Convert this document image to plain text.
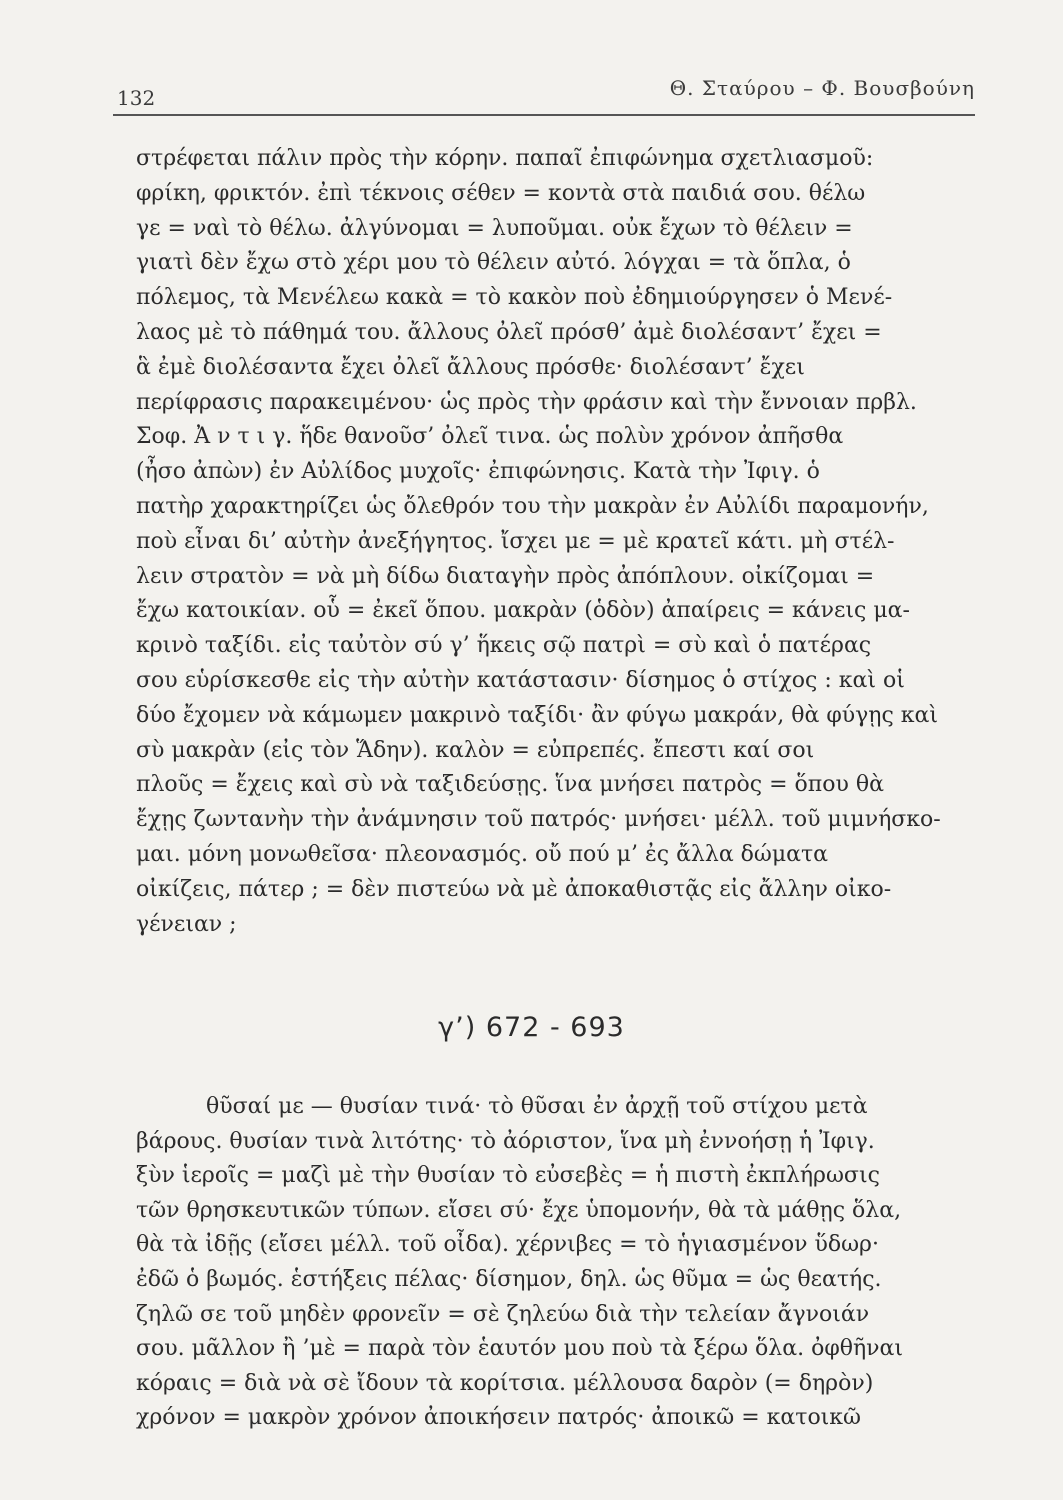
132	Θ. Σταύρου – Φ. Βουσβούνη
στρέφεται πάλιν πρὸς τὴν κόρην. παπαῖ ἐπιφώνημα σχετλιασμοῦ:
φρίκη, φρικτόν. ἐπὶ τέκνοις σέθεν = κοντὰ στὰ παιδιά σου. θέλω
γε = ναὶ τὸ θέλω. ἀλγύνομαι = λυποῦμαι. οὐκ ἔχων τὸ θέλειν =
γιατὶ δὲν ἔχω στὸ χέρι μου τὸ θέλειν αὐτό. λόγχαι = τὰ ὅπλα, ὁ
πόλεμος, τὰ Μενέλεω κακὰ = τὸ κακὸν ποὺ ἐδημιούργησεν ὁ Μενέ-
λαος μὲ τὸ πάθημά του. ἄλλους ὀλεῖ πρόσθ’ ἀμὲ διολέσαντ’ ἔχει =
ἃ ἐμὲ διολέσαντα ἔχει ὀλεῖ ἄλλους πρόσθε· διολέσαντ’ ἔχει
περίφρασις παρακειμένου· ὡς πρὸς τὴν φράσιν καὶ τὴν ἔννοιαν πρβλ.
Σοφ. Ἀ ν τ ι γ. ἥδε θανοῦσ’ ὀλεῖ τινα. ὡς πολὺν χρόνον ἀπῆσθα
(ἦσο ἀπὼν) ἐν Αὐλίδος μυχοῖς· ἐπιφώνησις. Κατὰ τὴν Ἰφιγ. ὁ
πατὴρ χαρακτηρίζει ὡς ὄλεθρόν του τὴν μακρὰν ἐν Αὐλίδι παραμονήν,
ποὺ εἶναι δι’ αὐτὴν ἀνεξήγητος. ἴσχει με = μὲ κρατεῖ κάτι. μὴ στέλ-
λειν στρατὸν = νὰ μὴ δίδω διαταγὴν πρὸς ἀπόπλουν. οἰκίζομαι =
ἔχω κατοικίαν. οὗ = ἐκεῖ ὅπου. μακρὰν (ὁδὸν) ἀπαίρεις = κάνεις μα-
κρινὸ ταξίδι. εἰς ταὐτὸν σύ γ’ ἥκεις σῷ πατρὶ = σὺ καὶ ὁ πατέρας
σου εὑρίσκεσθε εἰς τὴν αὐτὴν κατάστασιν· δίσημος ὁ στίχος : καὶ οἱ
δύο ἔχομεν νὰ κάμωμεν μακρινὸ ταξίδι· ἂν φύγω μακράν, θὰ φύγῃς καὶ
σὺ μακρὰν (εἰς τὸν Ἅδην). καλὸν = εὐπρεπές. ἔπεστι καί σοι
πλοῦς = ἔχεις καὶ σὺ νὰ ταξιδεύσῃς. ἵνα μνήσει πατρὸς = ὅπου θὰ
ἔχῃς ζωντανὴν τὴν ἀνάμνησιν τοῦ πατρός· μνήσει· μέλλ. τοῦ μιμνήσκο-
μαι. μόνη μονωθεῖσα· πλεονασμός. οὔ πού μ’ ἐς ἄλλα δώματα
οἰκίζεις, πάτερ ; = δὲν πιστεύω νὰ μὲ ἀποκαθιστᾷς εἰς ἄλλην οἰκο-
γένειαν ;
γ’) 672 - 693
θῦσαί με — θυσίαν τινά· τὸ θῦσαι ἐν ἀρχῇ τοῦ στίχου μετὰ
βάρους. θυσίαν τινὰ λιτότης· τὸ ἀόριστον, ἵνα μὴ ἐννοήσῃ ἡ Ἰφιγ.
ξὺν ἱεροῖς = μαζὶ μὲ τὴν θυσίαν τὸ εὐσεβὲς = ἡ πιστὴ ἐκπλήρωσις
τῶν θρησκευτικῶν τύπων. εἴσει σύ· ἔχε ὑπομονήν, θὰ τὰ μάθῃς ὅλα,
θὰ τὰ ἰδῇς (εἴσει μέλλ. τοῦ οἶδα). χέρνιβες = τὸ ἡγιασμένον ὕδωρ·
ἐδῶ ὁ βωμός. ἑστήξεις πέλας· δίσημον, δηλ. ὡς θῦμα = ὡς θεατής.
ζηλῶ σε τοῦ μηδὲν φρονεῖν = σὲ ζηλεύω διὰ τὴν τελείαν ἄγνοιάν
σου. μᾶλλον ἢ ’μὲ = παρὰ τὸν ἑαυτόν μου ποὺ τὰ ξέρω ὅλα. ὀφθῆναι
κόραις = διὰ νὰ σὲ ἴδουν τὰ κορίτσια. μέλλουσα δαρὸν (= δηρὸν)
χρόνον = μακρὸν χρόνον ἀποικήσειν πατρός· ἀποικῶ = κατοικῶ
